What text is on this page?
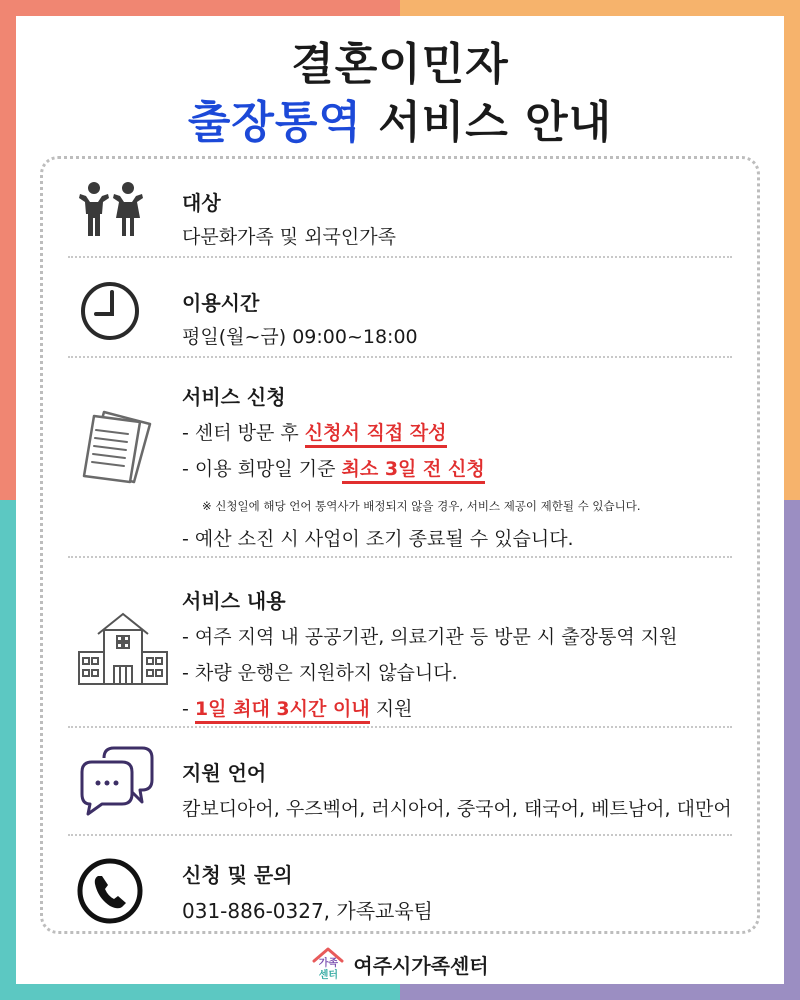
결혼이민자
출장통역 서비스 안내
대상
다문화가족 및 외국인가족
이용시간
평일(월~금) 09:00~18:00
서비스 신청
- 센터 방문 후 신청서 직접 작성
- 이용 희망일 기준 최소 3일 전 신청
※ 신청일에 해당 언어 통역사가 배정되지 않을 경우, 서비스 제공이 제한될 수 있습니다.
- 예산 소진 시 사업이 조기 종료될 수 있습니다.
서비스 내용
- 여주 지역 내 공공기관, 의료기관 등 방문 시 출장통역 지원
- 차량 운행은 지원하지 않습니다.
- 1일 최대 3시간 이내 지원
지원 언어
캄보디아어, 우즈벡어, 러시아어, 중국어, 태국어, 베트남어, 대만어
신청 및 문의
031-886-0327, 가족교육팀
가족
센터 여주시가족센터
